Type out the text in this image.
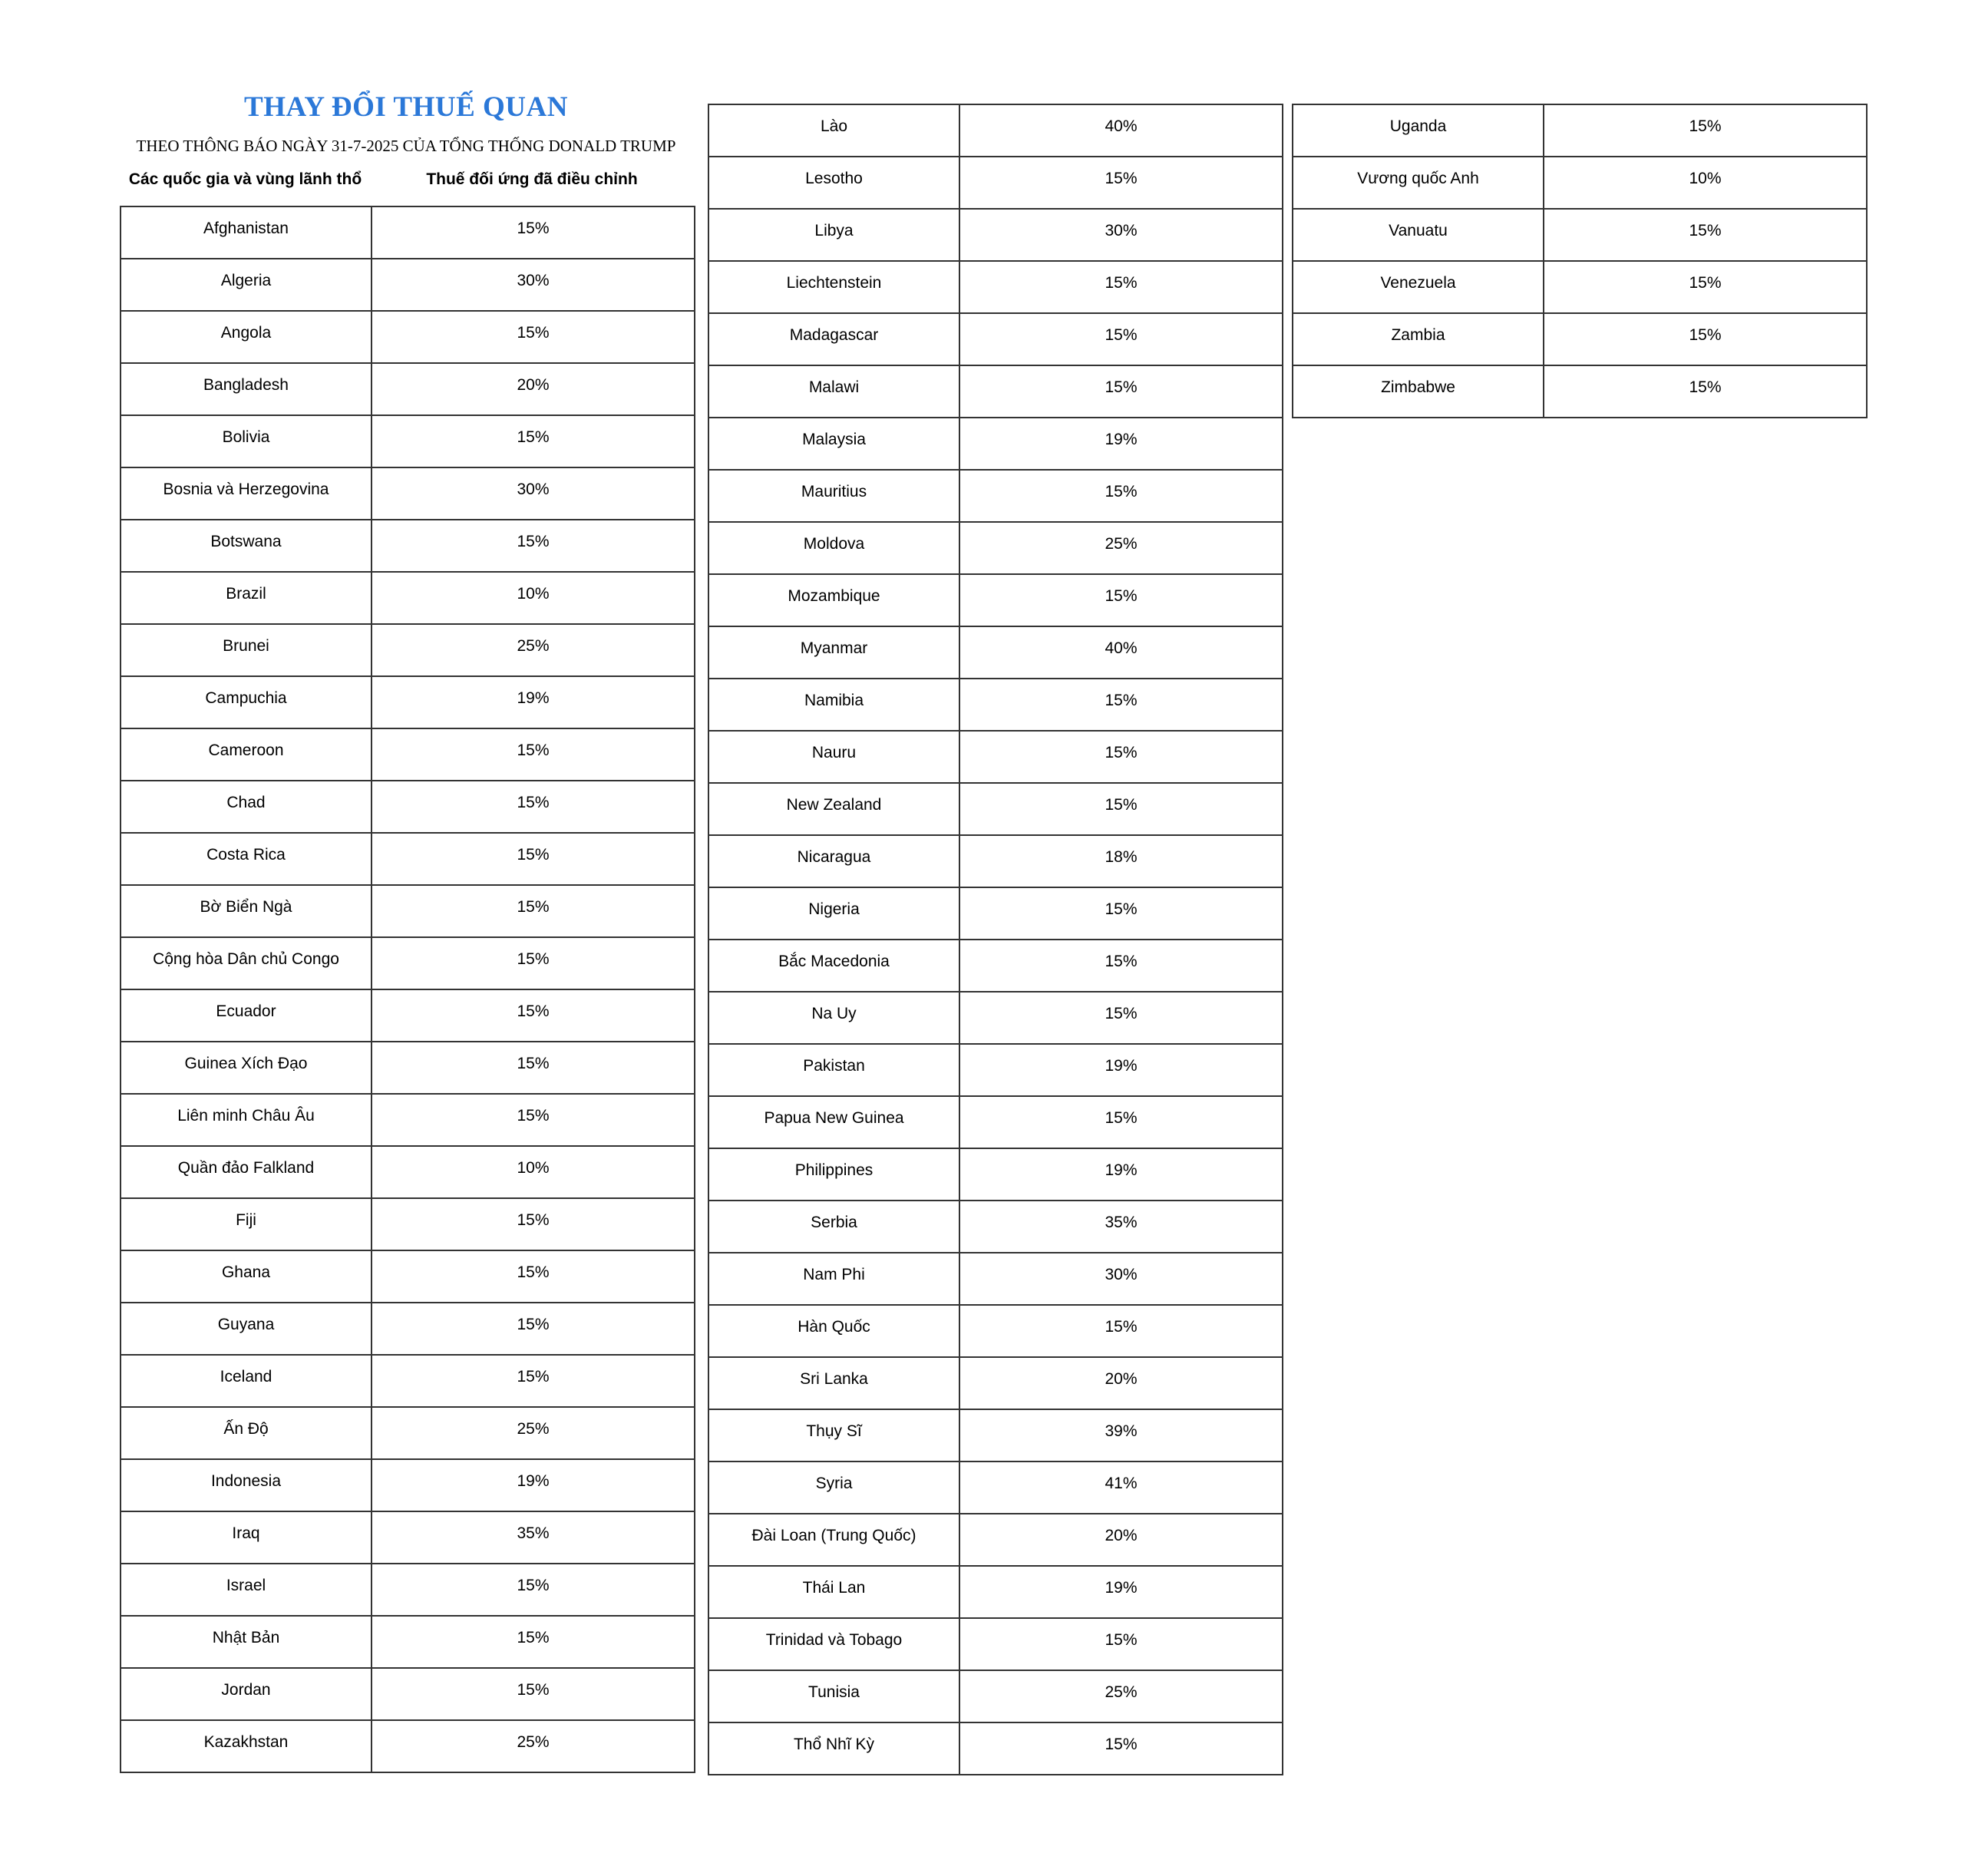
THAY ĐỔI THUẾ QUAN
THEO THÔNG BÁO NGÀY 31-7-2025 CỦA TỔNG THỐNG DONALD TRUMP
Các quốc gia và vùng lãnh thổ	Thuế đối ứng đã điều chỉnh
Afghanistan	15%
Algeria	30%
Angola	15%
Bangladesh	20%
Bolivia	15%
Bosnia và Herzegovina	30%
Botswana	15%
Brazil	10%
Brunei	25%
Campuchia	19%
Cameroon	15%
Chad	15%
Costa Rica	15%
Bờ Biển Ngà	15%
Cộng hòa Dân chủ Congo	15%
Ecuador	15%
Guinea Xích Đạo	15%
Liên minh Châu Âu	15%
Quần đảo Falkland	10%
Fiji	15%
Ghana	15%
Guyana	15%
Iceland	15%
Ấn Độ	25%
Indonesia	19%
Iraq	35%
Israel	15%
Nhật Bản	15%
Jordan	15%
Kazakhstan	25%
Lào	40%
Lesotho	15%
Libya	30%
Liechtenstein	15%
Madagascar	15%
Malawi	15%
Malaysia	19%
Mauritius	15%
Moldova	25%
Mozambique	15%
Myanmar	40%
Namibia	15%
Nauru	15%
New Zealand	15%
Nicaragua	18%
Nigeria	15%
Bắc Macedonia	15%
Na Uy	15%
Pakistan	19%
Papua New Guinea	15%
Philippines	19%
Serbia	35%
Nam Phi	30%
Hàn Quốc	15%
Sri Lanka	20%
Thụy Sĩ	39%
Syria	41%
Đài Loan (Trung Quốc)	20%
Thái Lan	19%
Trinidad và Tobago	15%
Tunisia	25%
Thổ Nhĩ Kỳ	15%
Uganda	15%
Vương quốc Anh	10%
Vanuatu	15%
Venezuela	15%
Zambia	15%
Zimbabwe	15%
